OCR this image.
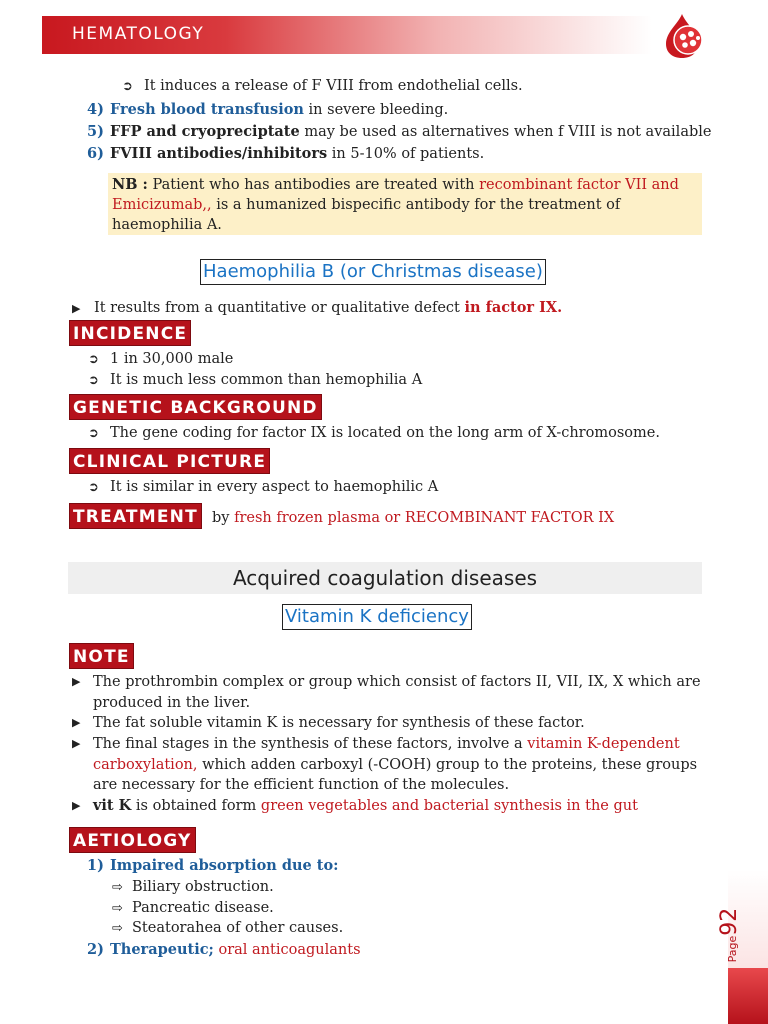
HEMATOLOGY
➲ It induces a release of F VIII from endothelial cells.
4) Fresh blood transfusion in severe bleeding.
5) FFP and cryopreciptate may be used as alternatives when f VIII is not available
6) FVIII antibodies/inhibitors in 5-10% of patients.
NB : Patient who has antibodies are treated with recombinant factor VII and Emicizumab,, is a humanized bispecific antibody for the treatment of haemophilia A.
Haemophilia B (or Christmas disease)
▶ It results from a quantitative or qualitative defect in factor IX.
INCIDENCE
➲ 1 in 30,000 male
➲ It is much less common than hemophilia A
GENETIC BACKGROUND
➲ The gene coding for factor IX is located on the long arm of X-chromosome.
CLINICAL PICTURE
➲ It is similar in every aspect to haemophilic A
TREATMENT by fresh frozen plasma or RECOMBINANT FACTOR IX
Acquired coagulation diseases
Vitamin K deficiency
NOTE
▶ The prothrombin complex or group which consist of factors II, VII, IX, X which are produced in the liver.
▶ The fat soluble vitamin K is necessary for synthesis of these factor.
▶ The final stages in the synthesis of these factors, involve a vitamin K-dependent carboxylation, which adden carboxyl (-COOH) group to the proteins, these groups are necessary for the efficient function of the molecules.
▶ vit K is obtained form green vegetables and bacterial synthesis in the gut
AETIOLOGY
1) Impaired absorption due to:
⇨ Biliary obstruction.
⇨ Pancreatic disease.
⇨ Steatorahea of other causes.
2) Therapeutic; oral anticoagulants	Page92
